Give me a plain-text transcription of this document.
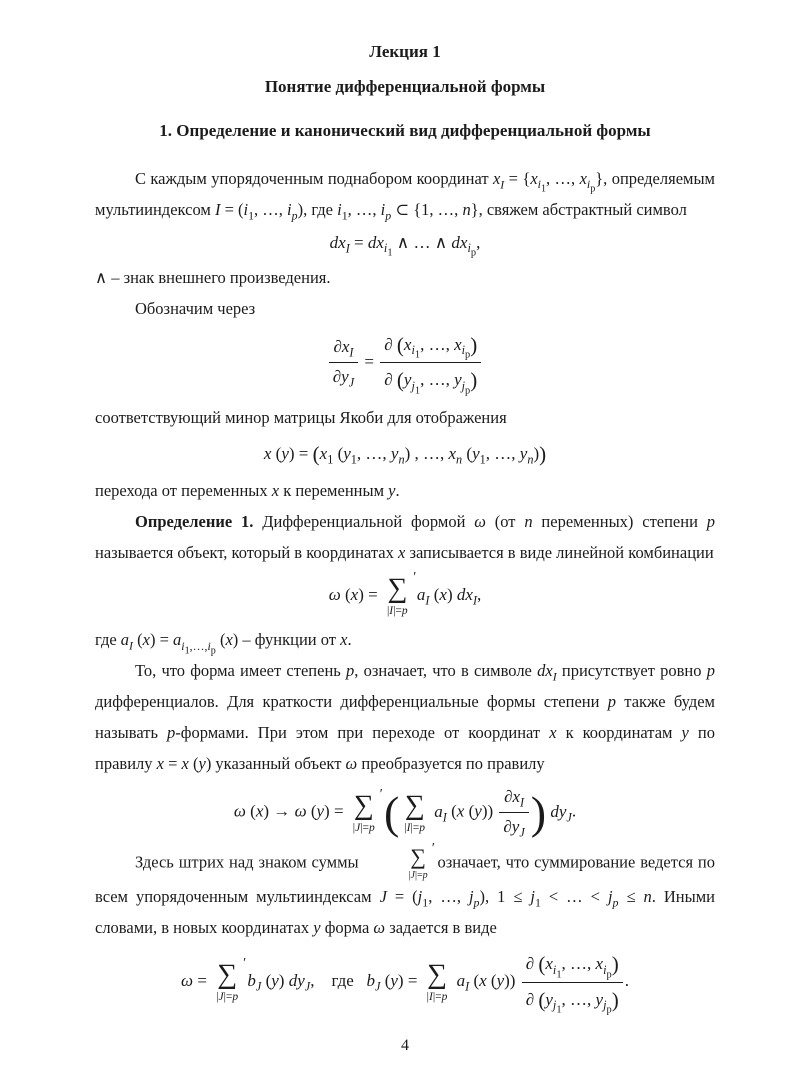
Лекция 1
Понятие дифференциальной формы
1. Определение и канонический вид дифференциальной формы

С каждым упорядоченным поднабором координат $x_I = \{x_{i_1}$, …, $x_{i_p}$}, определяемым мультииндексом $I = (i_1$, …, $i_p$), где $i_1$, …, $i_p$ ⊂ {1, …, n}, свяжем абстрактный символ

$dx_I = dx_{i_1}$ ∧ … ∧ $dx_{i_p}$,

∧ – знак внешнего произведения.

Обозначим через

$\frac{\partial x_I}{\partial y_J} = \frac{\partial (x_{i_1}, \dots, x_{i_p})}{\partial (y_{j_1}, \dots, y_{j_p})}$

соответствующий минор матрицы Якоби для отображения

x $(y) = (x_1$ ($y_1$, …, $y_n$) , …, $x_n$ ($y_1$, …, $y_n$))

перехода от переменных x к переменным y.

Определение 1. Дифференциальной формой ω (от n переменных) степени p называется объект, который в координатах x записывается в виде линейной комбинации

ω (x) = ∑ ′
|I|=p
$a_I$ (x) $dx_I$,

где $a_I$ $(x) = a_{i_1,\dots,i_p}$ (x) – функции от x.

То, что форма имеет степень p, означает, что в символе $dx_I$ присутствует ровно p дифференциалов. Для краткости дифференциальные формы степени p также будем называть p-формами. При этом при переходе от координат x к координатам y по правилу x = x (y) указанный объект ω преобразуется по правилу

ω (x) → ω (y) = ∑ ′
|J|=p ( ∑
|I|=p
$a_I$ (x $(y)) \frac{\partial x_I}{\partial y_J}$ ) $dy_J$.

Здесь штрих над знаком суммы	∑ ′
|J|=p
означает, что суммирование ведется по всем упорядоченным мультииндексам $J = (j_1$, …, $j_p$), $1 \le j_1$ < … < $j_p \le n$. Иными словами, в новых координатах y форма ω задается в виде

ω = ∑ ′
|J|=p
$b_J$ (y) $dy_J$,    где   $b_J$ (y) = ∑
|I|=p
$a_I$ (x $(y)) \frac{\partial (x_{i_1}, \dots, x_{i_p})}{\partial (y_{j_1}, \dots, y_{j_p})}$ .
4
